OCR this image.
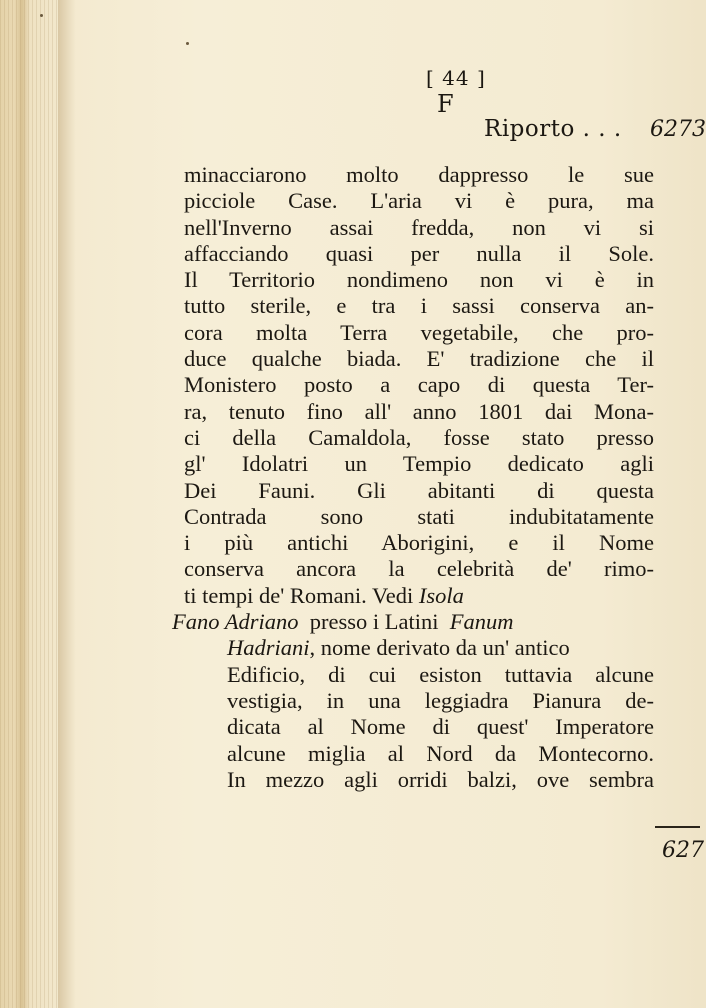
[ 44 ]
F
Riporto . . . 6273
minacciarono molto dappresso le sue
picciole Case. L'aria vi è pura, ma
nell'Inverno assai fredda, non vi si
affacciando quasi per nulla il Sole.
Il Territorio nondimeno non vi è in
tutto sterile, e tra i sassi conserva an-
cora molta Terra vegetabile, che pro-
duce qualche biada. E' tradizione che il
Monistero posto a capo di questa Ter-
ra, tenuto fino all' anno 1801 dai Mona-
ci della Camaldola, fosse stato presso
gl' Idolatri un Tempio dedicato agli
Dei Fauni. Gli abitanti di questa
Contrada sono stati indubitatamente
i più antichi Aborigini, e il Nome
conserva ancora la celebrità de' rimo-
ti tempi de' Romani. Vedi Isola
Fano Adriano presso i Latini Fanum
Hadriani, nome derivato da un' antico
Edificio, di cui esiston tuttavia alcune
vestigia, in una leggiadra Pianura de-
dicata al Nome di quest' Imperatore
alcune miglia al Nord da Montecorno.
In mezzo agli orridi balzi, ove sembra
627
